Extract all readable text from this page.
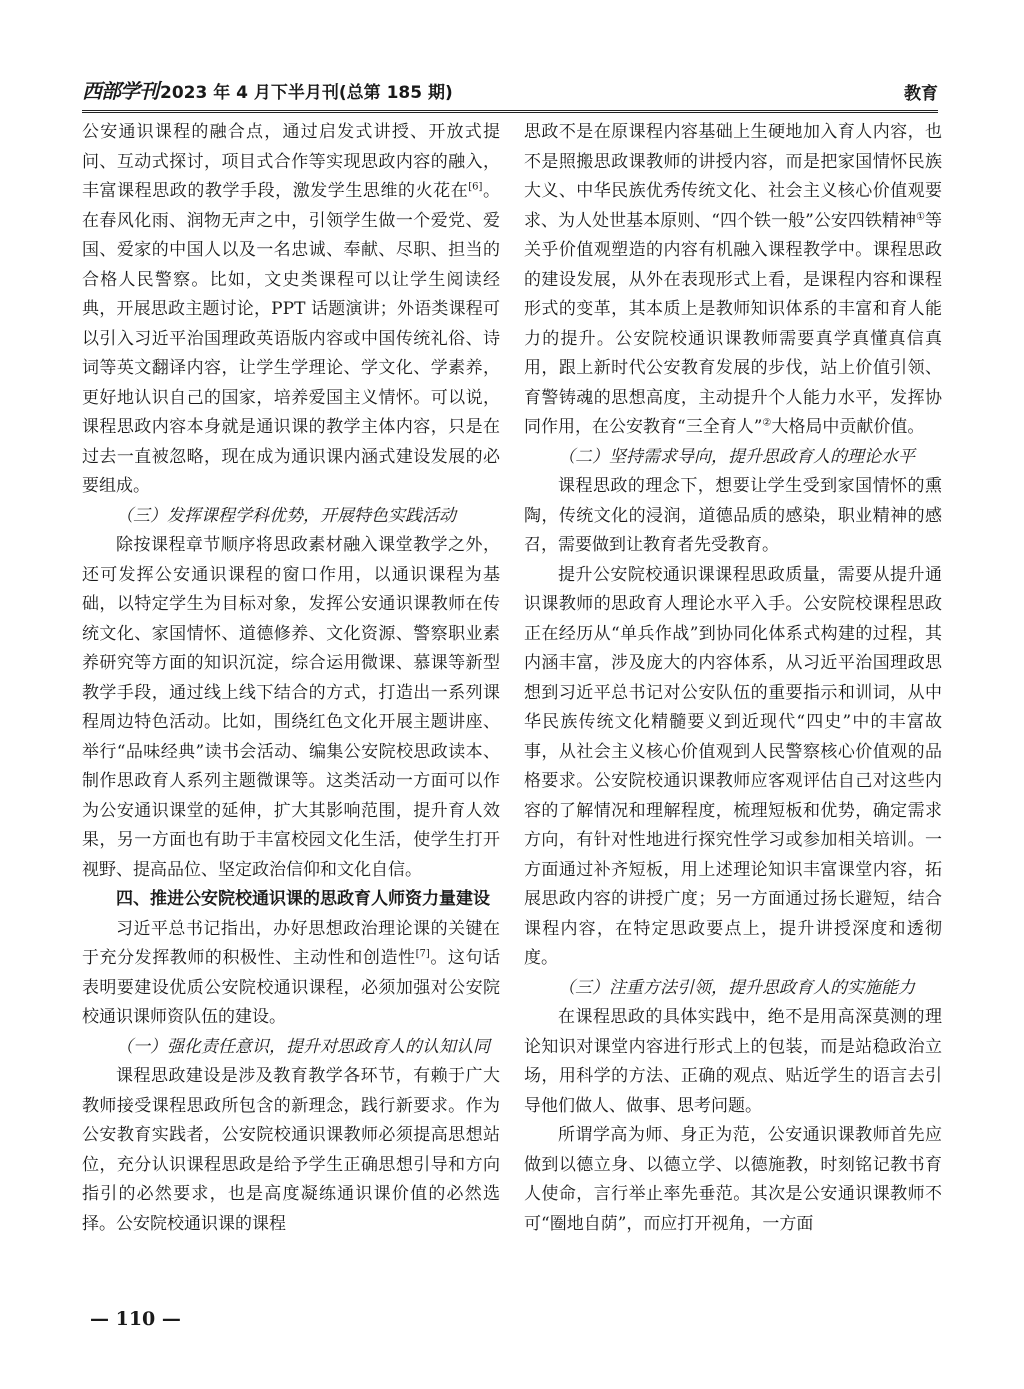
西部学刊 2023 年 4 月下半月刊(总第 185 期)	教育

公安通识课程的融合点，通过启发式讲授、开放式提问、互动式探讨，项目式合作等实现思政内容的融入，丰富课程思政的教学手段，激发学生思维的火花在[6]。在春风化雨、润物无声之中，引领学生做一个爱党、爱国、爱家的中国人以及一名忠诚、奉献、尽职、担当的合格人民警察。比如，文史类课程可以让学生阅读经典，开展思政主题讨论，PPT 话题演讲；外语类课程可以引入习近平治国理政英语版内容或中国传统礼俗、诗词等英文翻译内容，让学生学理论、学文化、学素养，更好地认识自己的国家，培养爱国主义情怀。可以说，课程思政内容本身就是通识课的教学主体内容，只是在过去一直被忽略，现在成为通识课内涵式建设发展的必要组成。

（三）发挥课程学科优势，开展特色实践活动

除按课程章节顺序将思政素材融入课堂教学之外，还可发挥公安通识课程的窗口作用，以通识课程为基础，以特定学生为目标对象，发挥公安通识课教师在传统文化、家国情怀、道德修养、文化资源、警察职业素养研究等方面的知识沉淀，综合运用微课、慕课等新型教学手段，通过线上线下结合的方式，打造出一系列课程周边特色活动。比如，围绕红色文化开展主题讲座、举行“品味经典”读书会活动、编集公安院校思政读本、制作思政育人系列主题微课等。这类活动一方面可以作为公安通识课堂的延伸，扩大其影响范围，提升育人效果，另一方面也有助于丰富校园文化生活，使学生打开视野、提高品位、坚定政治信仰和文化自信。

四、推进公安院校通识课的思政育人师资力量建设

习近平总书记指出，办好思想政治理论课的关键在于充分发挥教师的积极性、主动性和创造性[7]。这句话表明要建设优质公安院校通识课程，必须加强对公安院校通识课师资队伍的建设。

（一）强化责任意识，提升对思政育人的认知认同

课程思政建设是涉及教育教学各环节，有赖于广大教师接受课程思政所包含的新理念，践行新要求。作为公安教育实践者，公安院校通识课教师必须提高思想站位，充分认识课程思政是给予学生正确思想引导和方向指引的必然要求，也是高度凝练通识课价值的必然选择。公安院校通识课的课程

思政不是在原课程内容基础上生硬地加入育人内容，也不是照搬思政课教师的讲授内容，而是把家国情怀民族大义、中华民族优秀传统文化、社会主义核心价值观要求、为人处世基本原则、“四个铁一般”公安四铁精神①等关乎价值观塑造的内容有机融入课程教学中。课程思政的建设发展，从外在表现形式上看，是课程内容和课程形式的变革，其本质上是教师知识体系的丰富和育人能力的提升。公安院校通识课教师需要真学真懂真信真用，跟上新时代公安教育发展的步伐，站上价值引领、育警铸魂的思想高度，主动提升个人能力水平，发挥协同作用，在公安教育“三全育人”②大格局中贡献价值。

（二）坚持需求导向，提升思政育人的理论水平

课程思政的理念下，想要让学生受到家国情怀的熏陶，传统文化的浸润，道德品质的感染，职业精神的感召，需要做到让教育者先受教育。

提升公安院校通识课课程思政质量，需要从提升通识课教师的思政育人理论水平入手。公安院校课程思政正在经历从“单兵作战”到协同化体系式构建的过程，其内涵丰富，涉及庞大的内容体系，从习近平治国理政思想到习近平总书记对公安队伍的重要指示和训词，从中华民族传统文化精髓要义到近现代“四史”中的丰富故事，从社会主义核心价值观到人民警察核心价值观的品格要求。公安院校通识课教师应客观评估自己对这些内容的了解情况和理解程度，梳理短板和优势，确定需求方向，有针对性地进行探究性学习或参加相关培训。一方面通过补齐短板，用上述理论知识丰富课堂内容，拓展思政内容的讲授广度；另一方面通过扬长避短，结合课程内容，在特定思政要点上，提升讲授深度和透彻度。

（三）注重方法引领，提升思政育人的实施能力

在课程思政的具体实践中，绝不是用高深莫测的理论知识对课堂内容进行形式上的包装，而是站稳政治立场，用科学的方法、正确的观点、贴近学生的语言去引导他们做人、做事、思考问题。

所谓学高为师、身正为范，公安通识课教师首先应做到以德立身、以德立学、以德施教，时刻铭记教书育人使命，言行举止率先垂范。其次是公安通识课教师不可“圈地自荫”，而应打开视角，一方面

— 110 —
